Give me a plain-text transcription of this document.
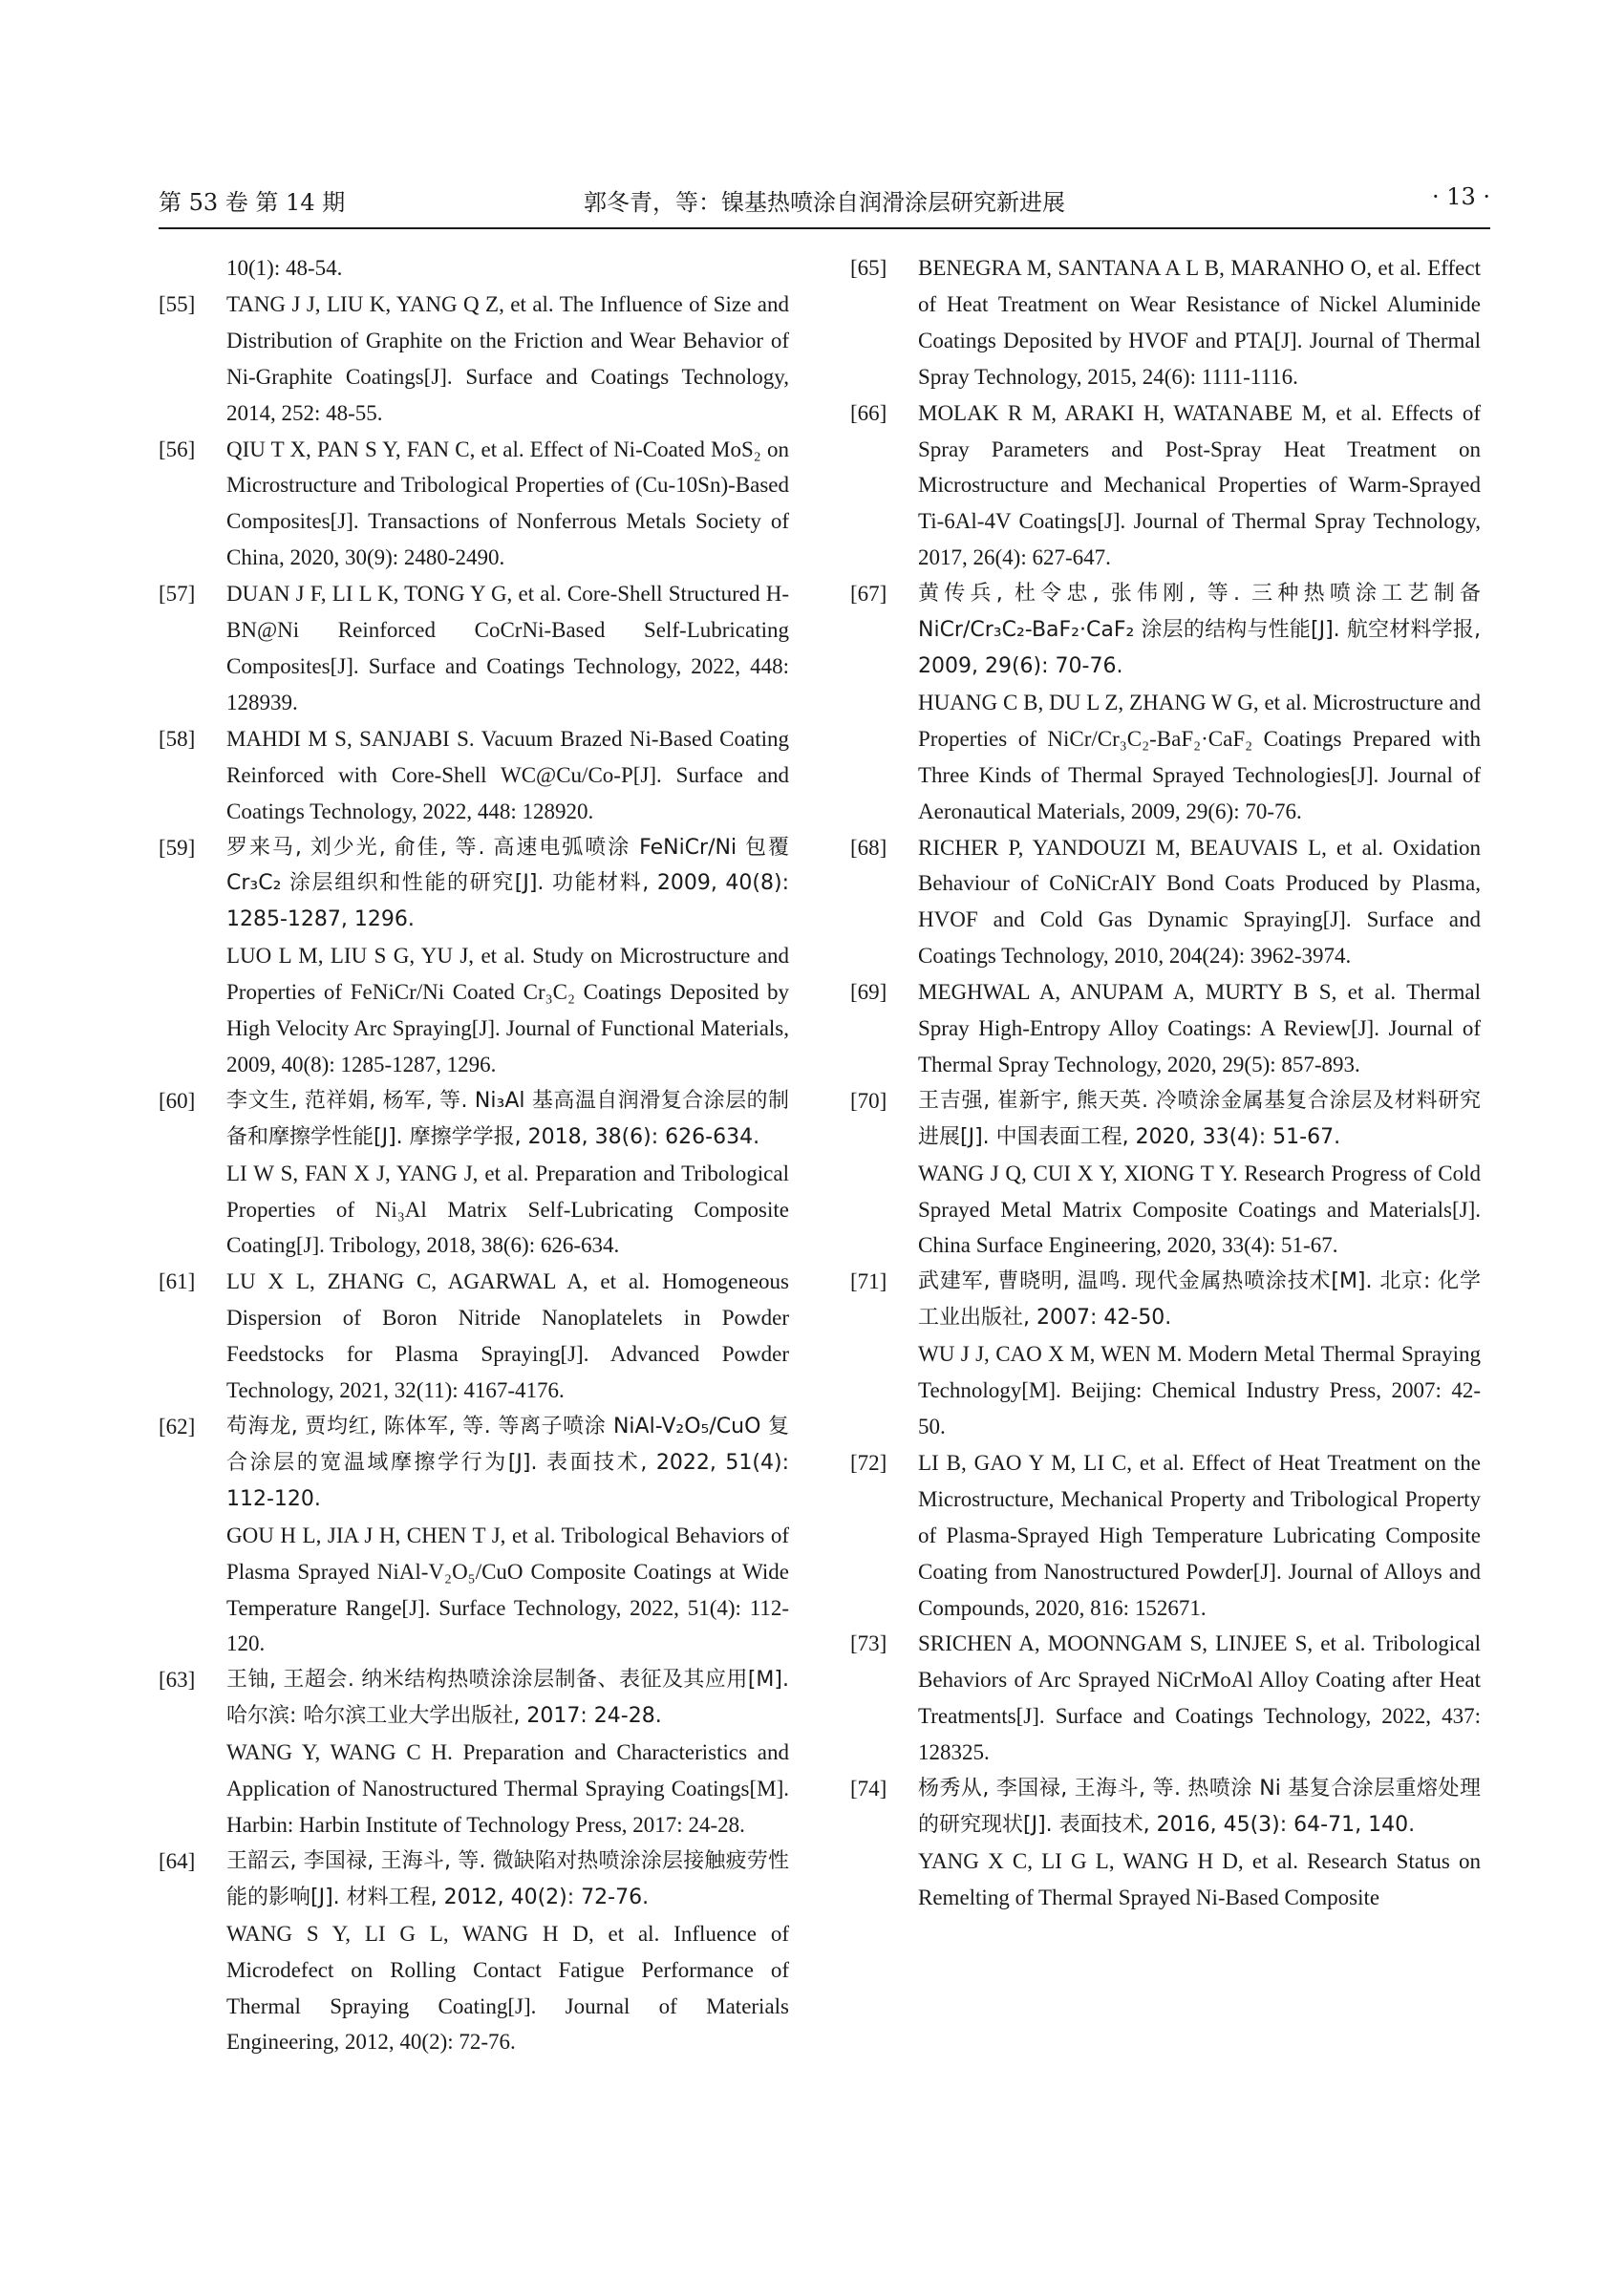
第 53 卷 第 14 期	郭冬青，等：镍基热喷涂自润滑涂层研究新进展	· 13 ·
10(1): 48-54.
[55] TANG J J, LIU K, YANG Q Z, et al. The Influence of Size and Distribution of Graphite on the Friction and Wear Behavior of Ni-Graphite Coatings[J]. Surface and Coatings Technology, 2014, 252: 48-55.
[56] QIU T X, PAN S Y, FAN C, et al. Effect of Ni-Coated MoS₂ on Microstructure and Tribological Properties of (Cu-10Sn)-Based Composites[J]. Transactions of Nonferrous Metals Society of China, 2020, 30(9): 2480-2490.
[57] DUAN J F, LI L K, TONG Y G, et al. Core-Shell Structured H-BN@Ni Reinforced CoCrNi-Based Self-Lubricating Composites[J]. Surface and Coatings Technology, 2022, 448: 128939.
[58] MAHDI M S, SANJABI S. Vacuum Brazed Ni-Based Coating Reinforced with Core-Shell WC@Cu/Co-P[J]. Surface and Coatings Technology, 2022, 448: 128920.
[59] 罗来马, 刘少光, 俞佳, 等. 高速电弧喷涂 FeNiCr/Ni 包覆 Cr₃C₂ 涂层组织和性能的研究[J]. 功能材料, 2009, 40(8): 1285-1287, 1296.
LUO L M, LIU S G, YU J, et al. Study on Microstructure and Properties of FeNiCr/Ni Coated Cr₃C₂ Coatings Deposited by High Velocity Arc Spraying[J]. Journal of Functional Materials, 2009, 40(8): 1285-1287, 1296.
[60] 李文生, 范祥娟, 杨军, 等. Ni₃Al 基高温自润滑复合涂层的制备和摩擦学性能[J]. 摩擦学学报, 2018, 38(6): 626-634.
LI W S, FAN X J, YANG J, et al. Preparation and Tribological Properties of Ni₃Al Matrix Self-Lubricating Composite Coating[J]. Tribology, 2018, 38(6): 626-634.
[61] LU X L, ZHANG C, AGARWAL A, et al. Homogeneous Dispersion of Boron Nitride Nanoplatelets in Powder Feedstocks for Plasma Spraying[J]. Advanced Powder Technology, 2021, 32(11): 4167-4176.
[62] 苟海龙, 贾均红, 陈体军, 等. 等离子喷涂 NiAl-V₂O₅/CuO 复合涂层的宽温域摩擦学行为[J]. 表面技术, 2022, 51(4): 112-120.
GOU H L, JIA J H, CHEN T J, et al. Tribological Behaviors of Plasma Sprayed NiAl-V₂O₅/CuO Composite Coatings at Wide Temperature Range[J]. Surface Technology, 2022, 51(4): 112-120.
[63] 王铀, 王超会. 纳米结构热喷涂涂层制备、表征及其应用[M]. 哈尔滨: 哈尔滨工业大学出版社, 2017: 24-28.
WANG Y, WANG C H. Preparation and Characteristics and Application of Nanostructured Thermal Spraying Coatings[M]. Harbin: Harbin Institute of Technology Press, 2017: 24-28.
[64] 王韶云, 李国禄, 王海斗, 等. 微缺陷对热喷涂涂层接触疲劳性能的影响[J]. 材料工程, 2012, 40(2): 72-76.
WANG S Y, LI G L, WANG H D, et al. Influence of Microdefect on Rolling Contact Fatigue Performance of Thermal Spraying Coating[J]. Journal of Materials Engineering, 2012, 40(2): 72-76.
[65] BENEGRA M, SANTANA A L B, MARANHO O, et al. Effect of Heat Treatment on Wear Resistance of Nickel Aluminide Coatings Deposited by HVOF and PTA[J]. Journal of Thermal Spray Technology, 2015, 24(6): 1111-1116.
[66] MOLAK R M, ARAKI H, WATANABE M, et al. Effects of Spray Parameters and Post-Spray Heat Treatment on Microstructure and Mechanical Properties of Warm-Sprayed Ti-6Al-4V Coatings[J]. Journal of Thermal Spray Technology, 2017, 26(4): 627-647.
[67] 黄传兵, 杜令忠, 张伟刚, 等. 三种热喷涂工艺制备 NiCr/Cr₃C₂-BaF₂·CaF₂ 涂层的结构与性能[J]. 航空材料学报, 2009, 29(6): 70-76.
HUANG C B, DU L Z, ZHANG W G, et al. Microstructure and Properties of NiCr/Cr₃C₂-BaF₂·CaF₂ Coatings Prepared with Three Kinds of Thermal Sprayed Technologies[J]. Journal of Aeronautical Materials, 2009, 29(6): 70-76.
[68] RICHER P, YANDOUZI M, BEAUVAIS L, et al. Oxidation Behaviour of CoNiCrAlY Bond Coats Produced by Plasma, HVOF and Cold Gas Dynamic Spraying[J]. Surface and Coatings Technology, 2010, 204(24): 3962-3974.
[69] MEGHWAL A, ANUPAM A, MURTY B S, et al. Thermal Spray High-Entropy Alloy Coatings: A Review[J]. Journal of Thermal Spray Technology, 2020, 29(5): 857-893.
[70] 王吉强, 崔新宇, 熊天英. 冷喷涂金属基复合涂层及材料研究进展[J]. 中国表面工程, 2020, 33(4): 51-67.
WANG J Q, CUI X Y, XIONG T Y. Research Progress of Cold Sprayed Metal Matrix Composite Coatings and Materials[J]. China Surface Engineering, 2020, 33(4): 51-67.
[71] 武建军, 曹晓明, 温鸣. 现代金属热喷涂技术[M]. 北京: 化学工业出版社, 2007: 42-50.
WU J J, CAO X M, WEN M. Modern Metal Thermal Spraying Technology[M]. Beijing: Chemical Industry Press, 2007: 42-50.
[72] LI B, GAO Y M, LI C, et al. Effect of Heat Treatment on the Microstructure, Mechanical Property and Tribological Property of Plasma-Sprayed High Temperature Lubricating Composite Coating from Nanostructured Powder[J]. Journal of Alloys and Compounds, 2020, 816: 152671.
[73] SRICHEN A, MOONNGAM S, LINJEE S, et al. Tribological Behaviors of Arc Sprayed NiCrMoAl Alloy Coating after Heat Treatments[J]. Surface and Coatings Technology, 2022, 437: 128325.
[74] 杨秀从, 李国禄, 王海斗, 等. 热喷涂 Ni 基复合涂层重熔处理的研究现状[J]. 表面技术, 2016, 45(3): 64-71, 140.
YANG X C, LI G L, WANG H D, et al. Research Status on Remelting of Thermal Sprayed Ni-Based Composite
